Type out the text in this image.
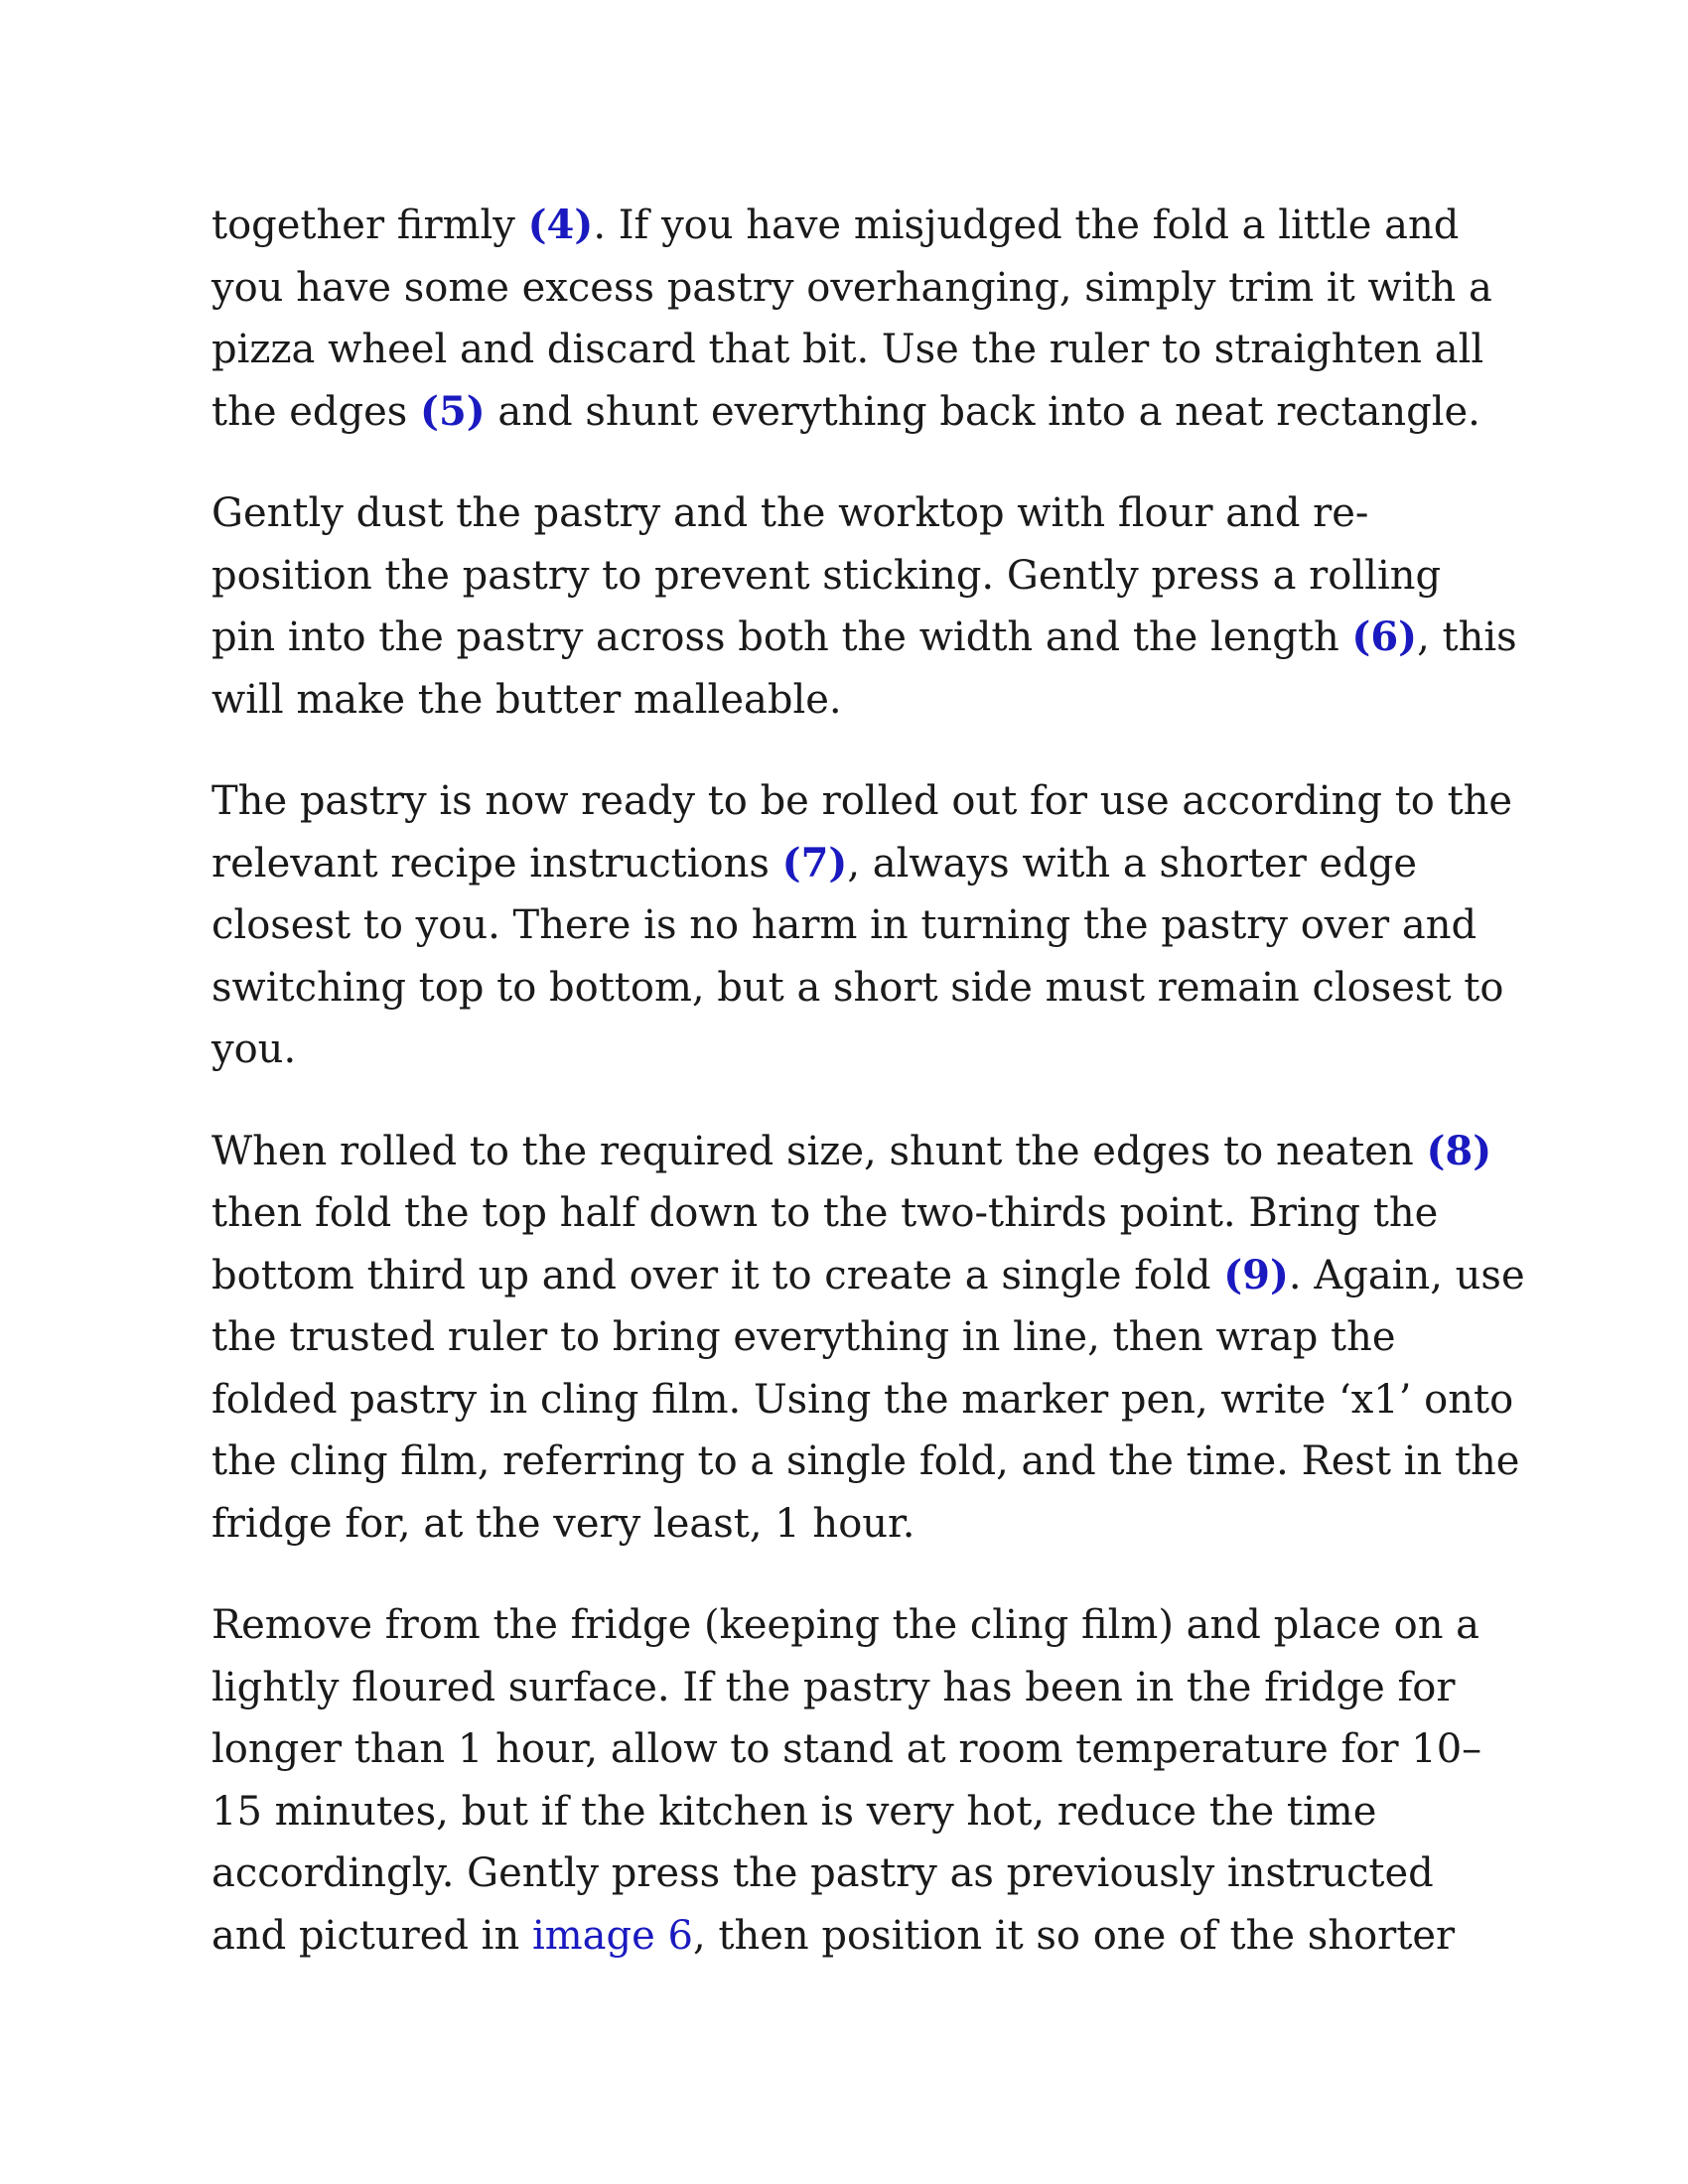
together firmly (4). If you have misjudged the fold a little and
you have some excess pastry overhanging, simply trim it with a
pizza wheel and discard that bit. Use the ruler to straighten all
the edges (5) and shunt everything back into a neat rectangle.

Gently dust the pastry and the worktop with flour and re-
position the pastry to prevent sticking. Gently press a rolling
pin into the pastry across both the width and the length (6), this
will make the butter malleable.

The pastry is now ready to be rolled out for use according to the
relevant recipe instructions (7), always with a shorter edge
closest to you. There is no harm in turning the pastry over and
switching top to bottom, but a short side must remain closest to
you.

When rolled to the required size, shunt the edges to neaten (8)
then fold the top half down to the two-thirds point. Bring the
bottom third up and over it to create a single fold (9). Again, use
the trusted ruler to bring everything in line, then wrap the
folded pastry in cling film. Using the marker pen, write ‘x1’ onto
the cling film, referring to a single fold, and the time. Rest in the
fridge for, at the very least, 1 hour.

Remove from the fridge (keeping the cling film) and place on a
lightly floured surface. If the pastry has been in the fridge for
longer than 1 hour, allow to stand at room temperature for 10–
15 minutes, but if the kitchen is very hot, reduce the time
accordingly. Gently press the pastry as previously instructed
and pictured in image 6, then position it so one of the shorter
